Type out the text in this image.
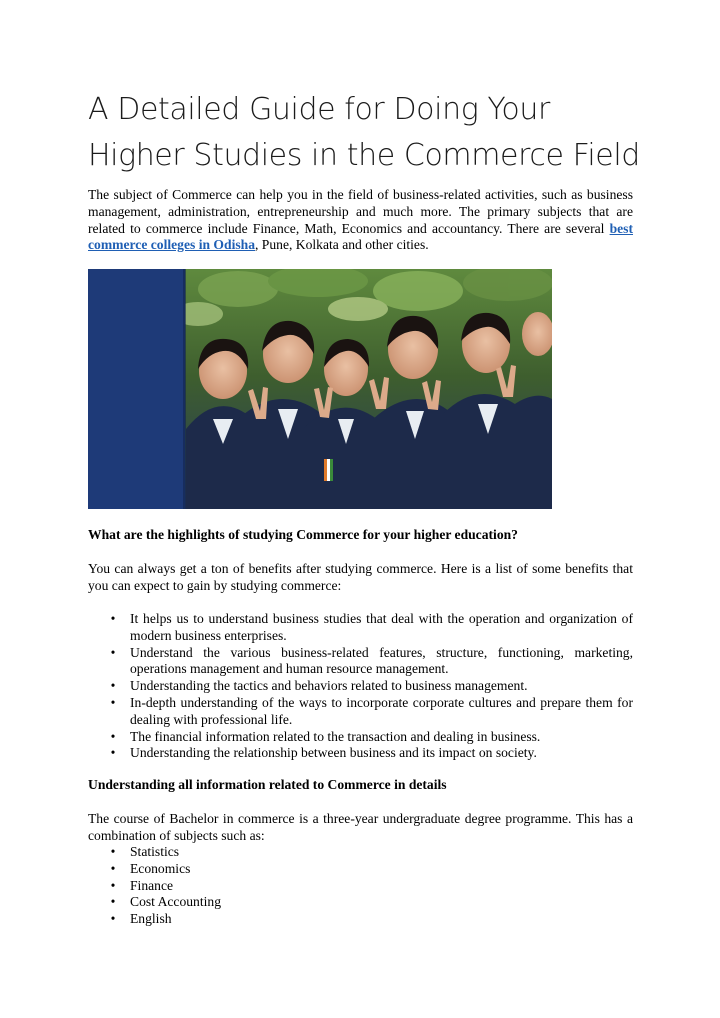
A Detailed Guide for Doing Your Higher Studies in the Commerce Field

The subject of Commerce can help you in the field of business-related activities, such as business management, administration, entrepreneurship and much more. The primary subjects that are related to commerce include Finance, Math, Economics and accountancy. There are several best commerce colleges in Odisha, Pune, Kolkata and other cities.

What are the highlights of studying Commerce for your higher education?

You can always get a ton of benefits after studying commerce. Here is a list of some benefits that you can expect to gain by studying commerce:

• It helps us to understand business studies that deal with the operation and organization of modern business enterprises.
• Understand the various business-related features, structure, functioning, marketing, operations management and human resource management.
• Understanding the tactics and behaviors related to business management.
• In-depth understanding of the ways to incorporate corporate cultures and prepare them for dealing with professional life.
• The financial information related to the transaction and dealing in business.
• Understanding the relationship between business and its impact on society.

Understanding all information related to Commerce in details

The course of Bachelor in commerce is a three-year undergraduate degree programme. This has a combination of subjects such as:

• Statistics
• Economics
• Finance
• Cost Accounting
• English
